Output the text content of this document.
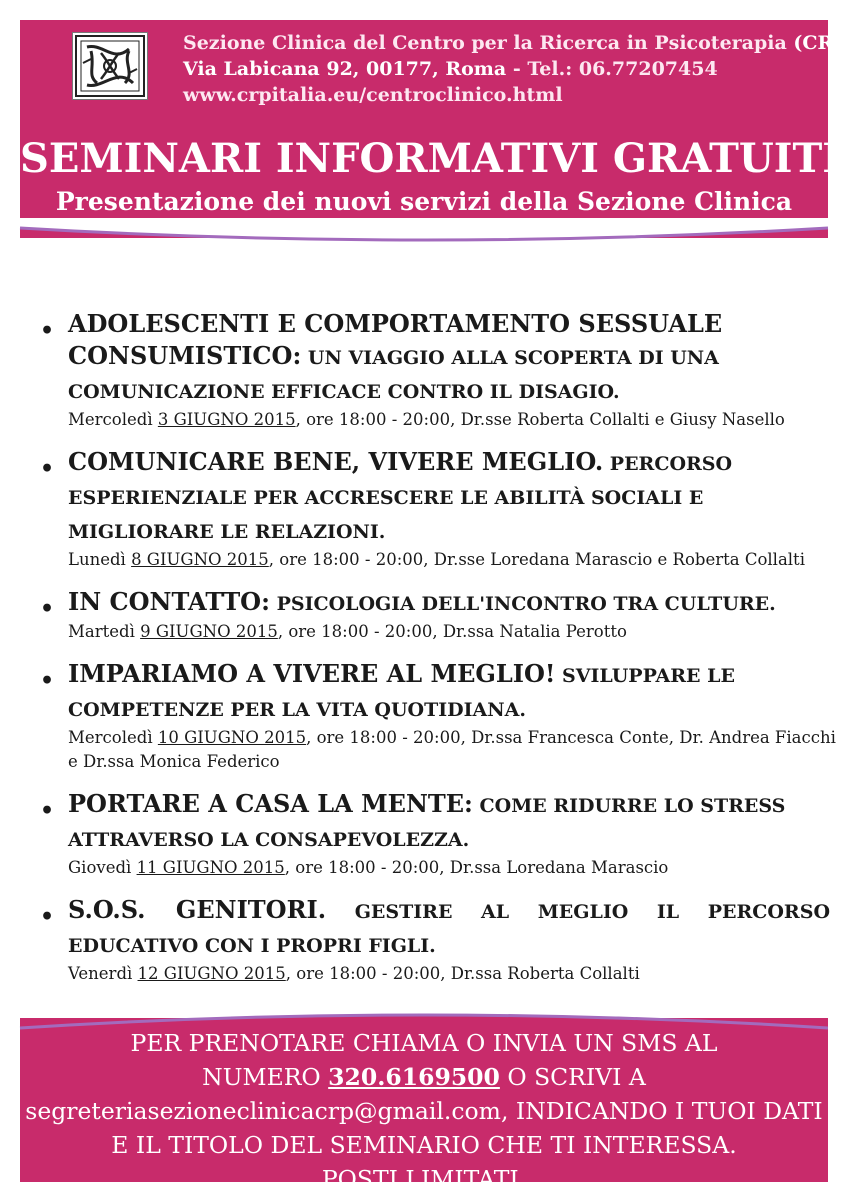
Sezione Clinica del Centro per la Ricerca in Psicoterapia (CRP)
Via Labicana 92, 00177, Roma - Tel.: 06.77207454
www.crpitalia.eu/centroclinico.html
SEMINARI INFORMATIVI GRATUITI
Presentazione dei nuovi servizi della Sezione Clinica
• ADOLESCENTI E COMPORTAMENTO SESSUALE CONSUMISTICO: UN VIAGGIO ALLA SCOPERTA DI UNA COMUNICAZIONE EFFICACE CONTRO IL DISAGIO.
Mercoledì 3 GIUGNO 2015, ore 18:00 - 20:00, Dr.sse Roberta Collalti e Giusy Nasello
• COMUNICARE BENE, VIVERE MEGLIO. PERCORSO ESPERIENZIALE PER ACCRESCERE LE ABILITÀ SOCIALI E MIGLIORARE LE RELAZIONI.
Lunedì 8 GIUGNO 2015, ore 18:00 - 20:00, Dr.sse Loredana Marascio e Roberta Collalti
• IN CONTATTO: PSICOLOGIA DELL'INCONTRO TRA CULTURE.
Martedì 9 GIUGNO 2015, ore 18:00 - 20:00, Dr.ssa Natalia Perotto
• IMPARIAMO A VIVERE AL MEGLIO! SVILUPPARE LE COMPETENZE PER LA VITA QUOTIDIANA.
Mercoledì 10 GIUGNO 2015, ore 18:00 - 20:00, Dr.ssa Francesca Conte, Dr. Andrea Fiacchi
e Dr.ssa Monica Federico
• PORTARE A CASA LA MENTE: COME RIDURRE LO STRESS ATTRAVERSO LA CONSAPEVOLEZZA.
Giovedì 11 GIUGNO 2015, ore 18:00 - 20:00, Dr.ssa Loredana Marascio
• S.O.S. GENITORI. GESTIRE AL MEGLIO IL PERCORSO EDUCATIVO CON I PROPRI FIGLI.
Venerdì 12 GIUGNO 2015, ore 18:00 - 20:00, Dr.ssa Roberta Collalti
PER PRENOTARE CHIAMA O INVIA UN SMS AL
NUMERO 320.6169500 O SCRIVI A
segreteriasezioneclinicacrp@gmail.com, INDICANDO I TUOI DATI
E IL TITOLO DEL SEMINARIO CHE TI INTERESSA.
POSTI LIMITATI.
